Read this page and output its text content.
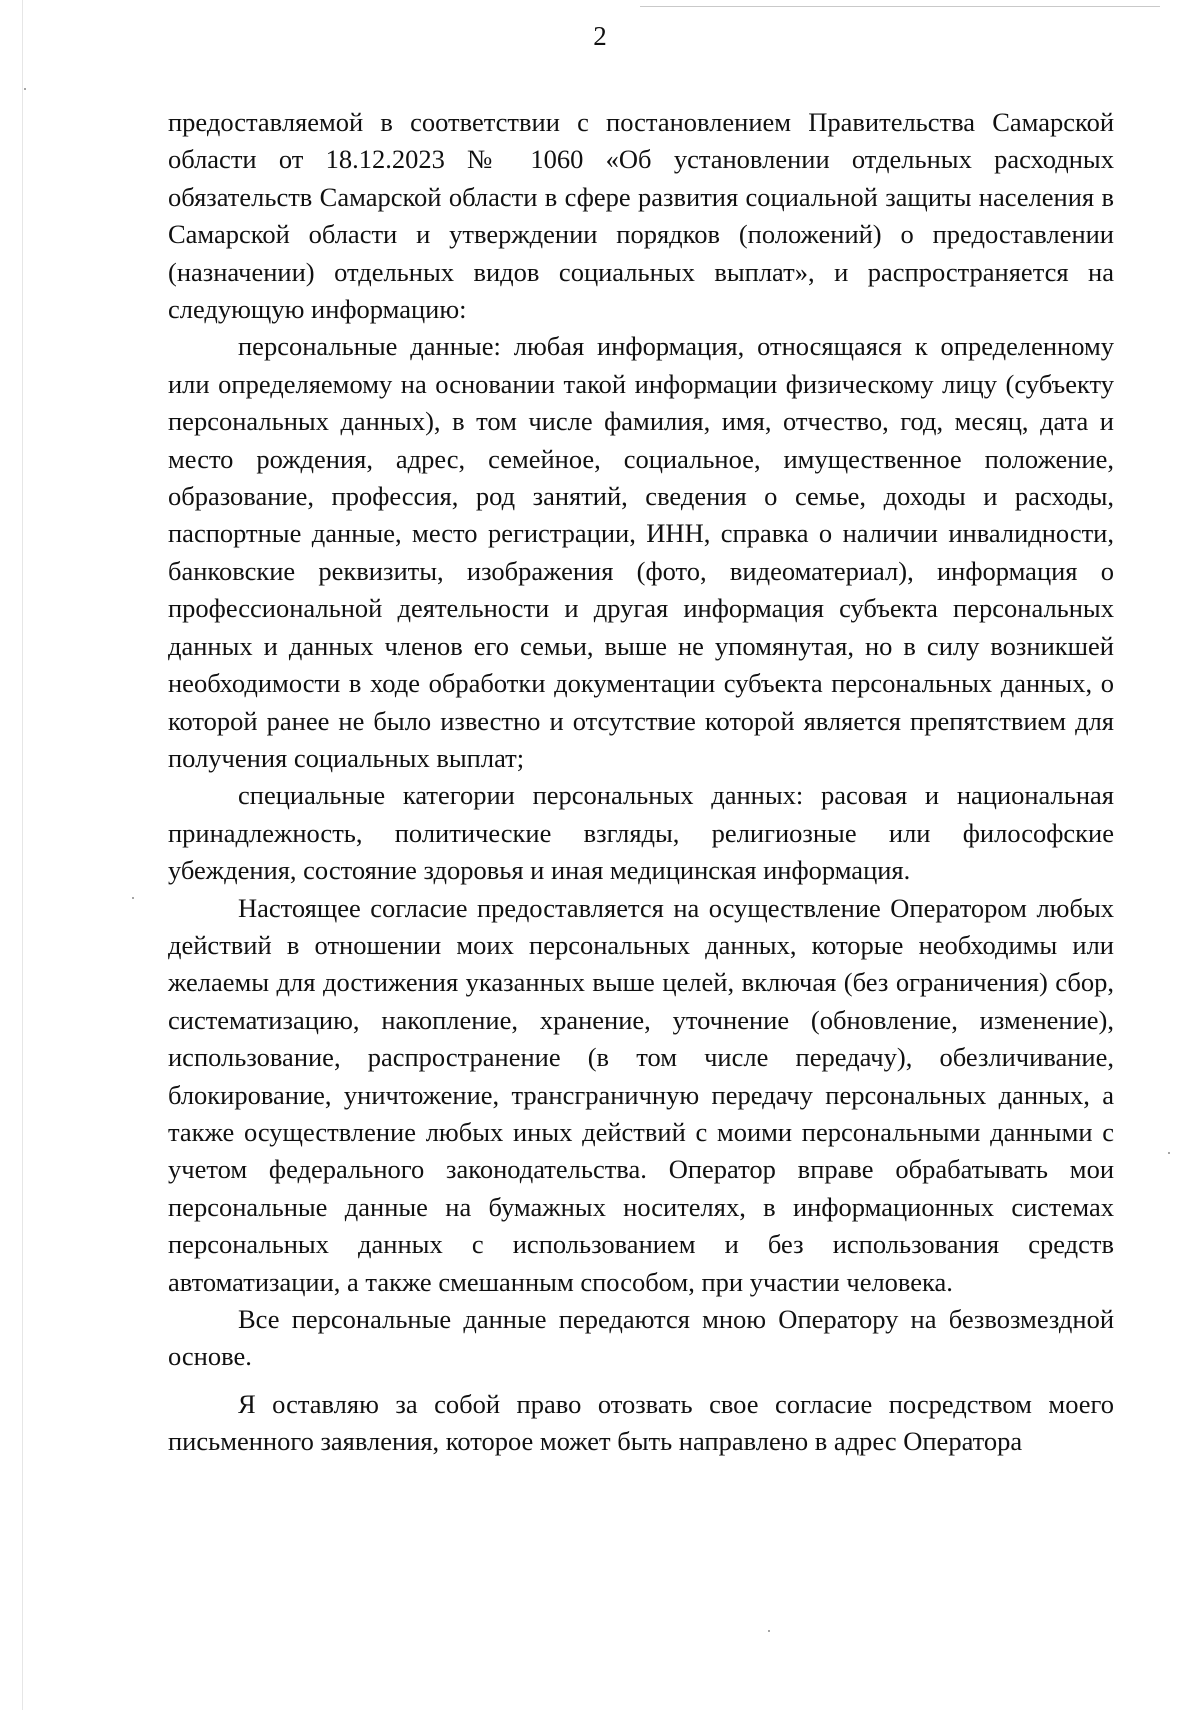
2

предоставляемой в соответствии с постановлением Правительства Самарской области от 18.12.2023 № 1060 «Об установлении отдельных расходных обязательств Самарской области в сфере развития социальной защиты населения в Самарской области и утверждении порядков (положений) о предоставлении (назначении) отдельных видов социальных выплат», и распространяется на следующую информацию:

персональные данные: любая информация, относящаяся к определенному или определяемому на основании такой информации физическому лицу (субъекту персональных данных), в том числе фамилия, имя, отчество, год, месяц, дата и место рождения, адрес, семейное, социальное, имущественное положение, образование, профессия, род занятий, сведения о семье, доходы и расходы, паспортные данные, место регистрации, ИНН, справка о наличии инвалидности, банковские реквизиты, изображения (фото, видеоматериал), информация о профессиональной деятельности и другая информация субъекта персональных данных и данных членов его семьи, выше не упомянутая, но в силу возникшей необходимости в ходе обработки документации субъекта персональных данных, о которой ранее не было известно и отсутствие которой является препятствием для получения социальных выплат;

специальные категории персональных данных: расовая и национальная принадлежность, политические взгляды, религиозные или философские убеждения, состояние здоровья и иная медицинская информация.

Настоящее согласие предоставляется на осуществление Оператором любых действий в отношении моих персональных данных, которые необходимы или желаемы для достижения указанных выше целей, включая (без ограничения) сбор, систематизацию, накопление, хранение, уточнение (обновление, изменение), использование, распространение (в том числе передачу), обезличивание, блокирование, уничтожение, трансграничную передачу персональных данных, а также осуществление любых иных действий с моими персональными данными с учетом федерального законодательства. Оператор вправе обрабатывать мои персональные данные на бумажных носителях, в информационных системах персональных данных с использованием и без использования средств автоматизации, а также смешанным способом, при участии человека.

Все персональные данные передаются мною Оператору на безвозмездной основе.

Я оставляю за собой право отозвать свое согласие посредством моего письменного заявления, которое может быть направлено в адрес Оператора
